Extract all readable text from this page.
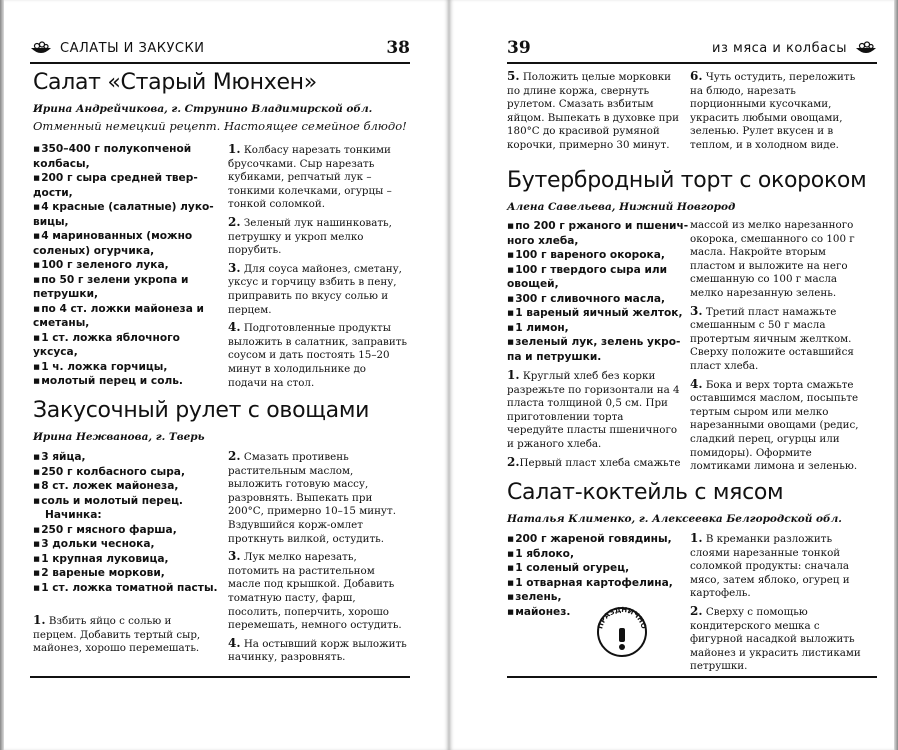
САЛАТЫ И ЗАКУСКИ	38
Салат «Старый Мюнхен»
Ирина Андрейчикова, г. Струнино Владимирской обл.
Отменный немецкий рецепт. Настоящее семейное блюдо!
▪ 350–400 г полукопченой
колбасы,
▪ 200 г сыра средней твер-
дости,
▪ 4 красные (салатные) луко-
вицы,
▪ 4 маринованных (можно
соленых) огурчика,
▪ 100 г зеленого лука,
▪ по 50 г зелени укропа и
петрушки,
▪ по 4 ст. ложки майонеза и
сметаны,
▪ 1 ст. ложка яблочного
уксуса,
▪ 1 ч. ложка горчицы,
▪ молотый перец и соль.

1. Колбасу нарезать тонкими брусочками. Сыр нарезать кубиками, репчатый лук – тонкими колечками, огурцы – тонкой соломкой.

2. Зеленый лук нашинковать, петрушку и укроп мелко порубить.

3. Для соуса майонез, сметану, уксус и горчицу взбить в пену, приправить по вкусу солью и перцем.

4. Подготовленные продукты выложить в салатник, заправить соусом и дать постоять 15–20 минут в холодильнике до подачи на стол.

Закусочный рулет с овощами
Ирина Нежванова, г. Тверь
▪ 3 яйца,
▪ 250 г колбасного сыра,
▪ 8 ст. ложек майонеза,
▪ соль и молотый перец.
Начинка:
▪ 250 г мясного фарша,
▪ 3 дольки чеснока,
▪ 1 крупная луковица,
▪ 2 вареные моркови,
▪ 1 ст. ложка томатной пасты.

1. Взбить яйцо с солью и перцем. Добавить тертый сыр, майонез, хорошо перемешать.

2. Смазать противень растительным маслом, выложить готовую массу, разровнять. Выпекать при 200°С, примерно 10–15 минут. Вздувшийся корж-омлет проткнуть вилкой, остудить.

3. Лук мелко нарезать, потомить на растительном масле под крышкой. Добавить томатную пасту, фарш, посолить, поперчить, хорошо перемешать, немного остудить.

4. На остывший корж выложить начинку, разровнять.

39	из мяса и колбасы

5. Положить целые морковки по длине коржа, свернуть рулетом. Смазать взбитым яйцом. Выпекать в духовке при 180°С до красивой румяной корочки, примерно 30 минут.

6. Чуть остудить, переложить на блюдо, нарезать порционными кусочками, украсить любыми овощами, зеленью. Рулет вкусен и в теплом, и в холодном виде.

Бутербродный торт с окороком
Алена Савельева, Нижний Новгород
▪ по 200 г ржаного и пшенич-
ного хлеба,
▪ 100 г вареного окорока,
▪ 100 г твердого сыра или
овощей,
▪ 300 г сливочного масла,
▪ 1 вареный яичный желток,
▪ 1 лимон,
▪ зеленый лук, зелень укро-
па и петрушки.

1. Круглый хлеб без корки разрежьте по горизонтали на 4 пласта толщиной 0,5 см. При приготовлении торта чередуйте пласты пшеничного и ржаного хлеба.

2.Первый пласт хлеба смажьте

массой из мелко нарезанного окорока, смешанного со 100 г масла. Накройте вторым пластом и выложите на него смешанную со 100 г масла мелко нарезанную зелень.

3. Третий пласт намажьте смешанным с 50 г масла протертым яичным желтком. Сверху положите оставшийся пласт хлеба.

4. Бока и верх торта смажьте оставшимся маслом, посыпьте тертым сыром или мелко нарезанными овощами (редис, сладкий перец, огурцы или помидоры). Оформите ломтиками лимона и зеленью.

Салат-коктейль с мясом
Наталья Клименко, г. Алексеевка Белгородской обл.
▪ 200 г жареной говядины,
▪ 1 яблоко,
▪ 1 соленый огурец,
▪ 1 отварная картофелина,
▪ зелень,
▪ майонез.

1. В креманки разложить слоями нарезанные тонкой соломкой продукты: сначала мясо, затем яблоко, огурец и картофель.

2. Сверху с помощью кондитерского мешка с фигурной насадкой выложить майонез и украсить листиками петрушки.

ПРАЗДНИЧНО
